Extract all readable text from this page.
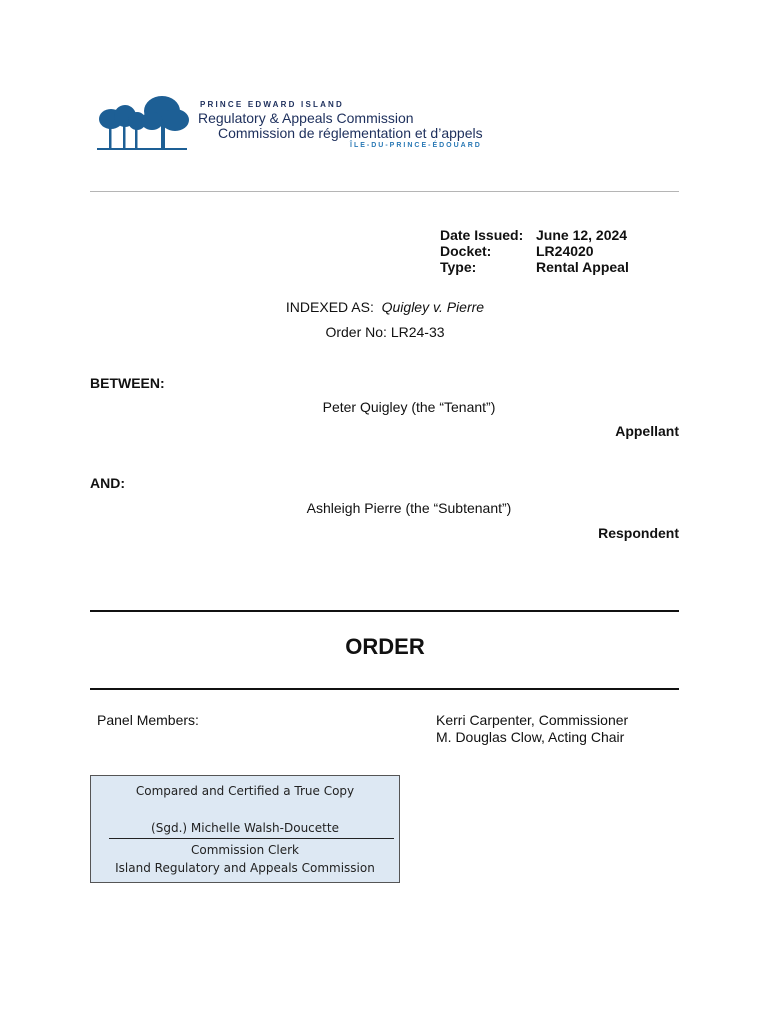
PRINCE EDWARD ISLAND
Regulatory & Appeals Commission
Commission de réglementation et d’appels
ÎLE-DU-PRINCE-ÉDOUARD
Date Issued: June 12, 2024
Docket:	LR24020
Type:	Rental Appeal
INDEXED AS: Quigley v. Pierre
Order No: LR24-33
BETWEEN:
Peter Quigley (the “Tenant”)
Appellant
AND:
Ashleigh Pierre (the “Subtenant”)
Respondent
ORDER
Panel Members:	Kerri Carpenter, Commissioner
M. Douglas Clow, Acting Chair
Compared and Certified a True Copy
(Sgd.) Michelle Walsh-Doucette
Commission Clerk
Island Regulatory and Appeals Commission
